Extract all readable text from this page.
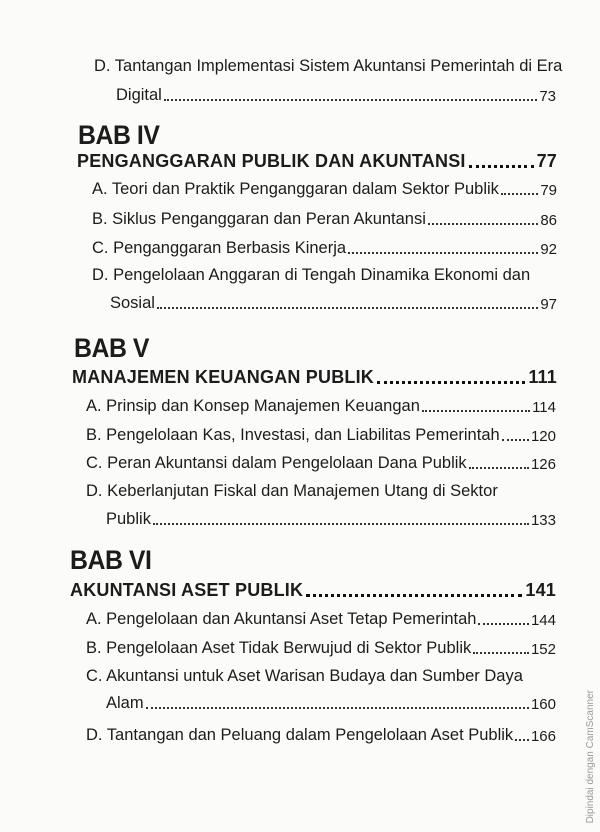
D. Tantangan Implementasi Sistem Akuntansi Pemerintah di Era
Digital	73
BAB IV
PENGANGGARAN PUBLIK DAN AKUNTANSI	77
A. Teori dan Praktik Penganggaran dalam Sektor Publik	79
B. Siklus Penganggaran dan Peran Akuntansi	86
C. Penganggaran Berbasis Kinerja	92
D. Pengelolaan Anggaran di Tengah Dinamika Ekonomi dan
Sosial	97
BAB V
MANAJEMEN KEUANGAN PUBLIK	111
A. Prinsip dan Konsep Manajemen Keuangan	114
B. Pengelolaan Kas, Investasi, dan Liabilitas Pemerintah 120
C. Peran Akuntansi dalam Pengelolaan Dana Publik	126
D. Keberlanjutan Fiskal dan Manajemen Utang di Sektor
Publik	133
BAB VI
AKUNTANSI ASET PUBLIK	141
A. Pengelolaan dan Akuntansi Aset Tetap Pemerintah	144
B. Pengelolaan Aset Tidak Berwujud di Sektor Publik	152
C. Akuntansi untuk Aset Warisan Budaya dan Sumber Daya
Alam	160
D. Tantangan dan Peluang dalam Pengelolaan Aset Publik 166	Dipindai dengan CamScanner
